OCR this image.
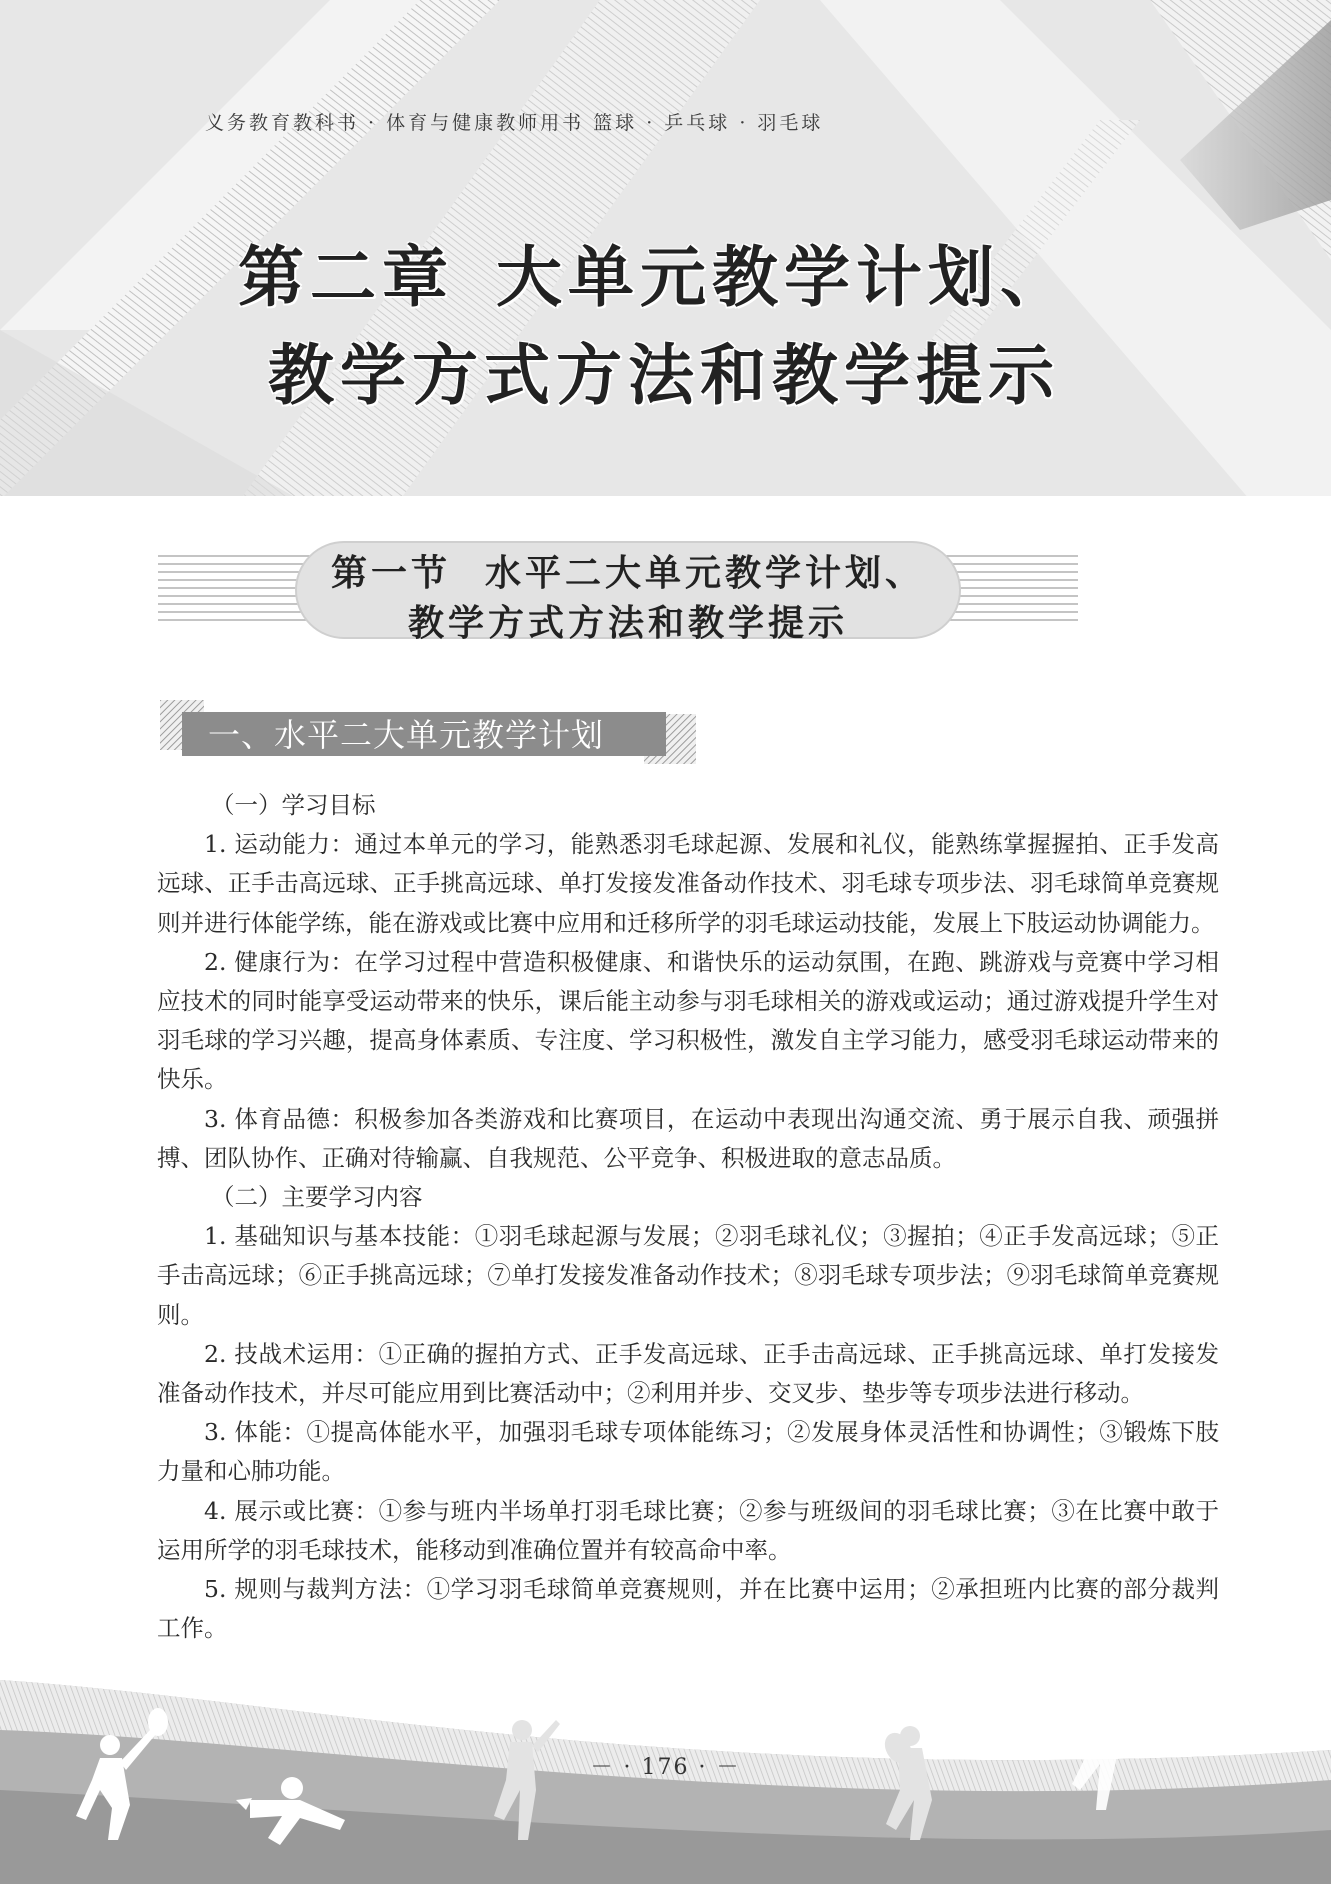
义务教育教科书 · 体育与健康教师用书 篮球 · 乒乓球 · 羽毛球
第二章 大单元教学计划、
教学方式方法和教学提示
第一节 水平二大单元教学计划、
教学方式方法和教学提示
一、水平二大单元教学计划

（一）学习目标

1. 运动能力：通过本单元的学习，能熟悉羽毛球起源、发展和礼仪，能熟练掌握握拍、正手发高远球、正手击高远球、正手挑高远球、单打发接发准备动作技术、羽毛球专项步法、羽毛球简单竞赛规则并进行体能学练，能在游戏或比赛中应用和迁移所学的羽毛球运动技能，发展上下肢运动协调能力。

2. 健康行为：在学习过程中营造积极健康、和谐快乐的运动氛围，在跑、跳游戏与竞赛中学习相应技术的同时能享受运动带来的快乐，课后能主动参与羽毛球相关的游戏或运动；通过游戏提升学生对羽毛球的学习兴趣，提高身体素质、专注度、学习积极性，激发自主学习能力，感受羽毛球运动带来的快乐。

3. 体育品德：积极参加各类游戏和比赛项目，在运动中表现出沟通交流、勇于展示自我、顽强拼搏、团队协作、正确对待输赢、自我规范、公平竞争、积极进取的意志品质。

（二）主要学习内容

1. 基础知识与基本技能：①羽毛球起源与发展；②羽毛球礼仪；③握拍；④正手发高远球；⑤正手击高远球；⑥正手挑高远球；⑦单打发接发准备动作技术；⑧羽毛球专项步法；⑨羽毛球简单竞赛规则。

2. 技战术运用：①正确的握拍方式、正手发高远球、正手击高远球、正手挑高远球、单打发接发准备动作技术，并尽可能应用到比赛活动中；②利用并步、交叉步、垫步等专项步法进行移动。

3. 体能：①提高体能水平，加强羽毛球专项体能练习；②发展身体灵活性和协调性；③锻炼下肢力量和心肺功能。

4. 展示或比赛：①参与班内半场单打羽毛球比赛；②参与班级间的羽毛球比赛；③在比赛中敢于运用所学的羽毛球技术，能移动到准确位置并有较高命中率。

5. 规则与裁判方法：①学习羽毛球简单竞赛规则，并在比赛中运用；②承担班内比赛的部分裁判工作。

－ · 176 · －
